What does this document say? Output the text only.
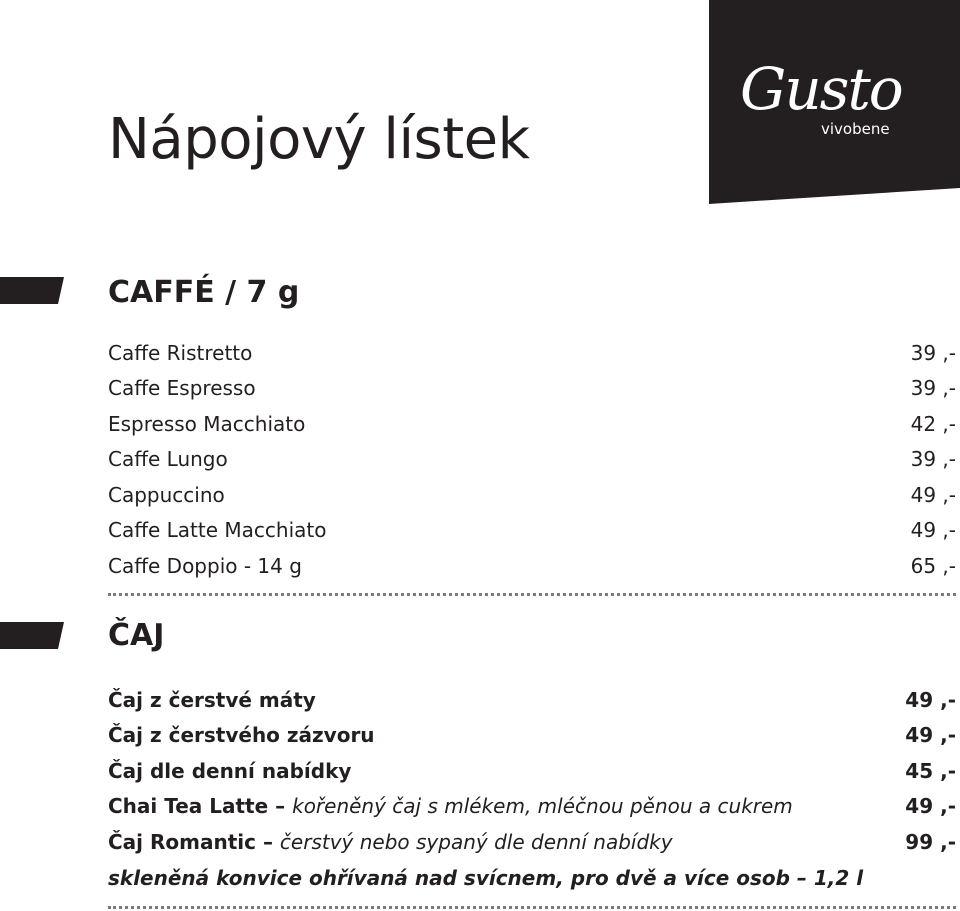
Nápojový lístek
Gusto
vivobene
CAFFÉ / 7 g
Caffe Ristretto	39 ,-
Caffe Espresso	39 ,-
Espresso Macchiato	42 ,-
Caffe Lungo	39 ,-
Cappuccino	49 ,-
Caffe Latte Macchiato	49 ,-
Caffe Doppio - 14 g	65 ,-
ČAJ
Čaj z čerstvé máty	49 ,-
Čaj z čerstvého zázvoru	49 ,-
Čaj dle denní nabídky	45 ,-
Chai Tea Latte – kořeněný čaj s mlékem, mléčnou pěnou a cukrem	49 ,-
Čaj Romantic – čerstvý nebo sypaný dle denní nabídky	99 ,-
skleněná konvice ohřívaná nad svícnem, pro dvě a více osob – 1,2 l
